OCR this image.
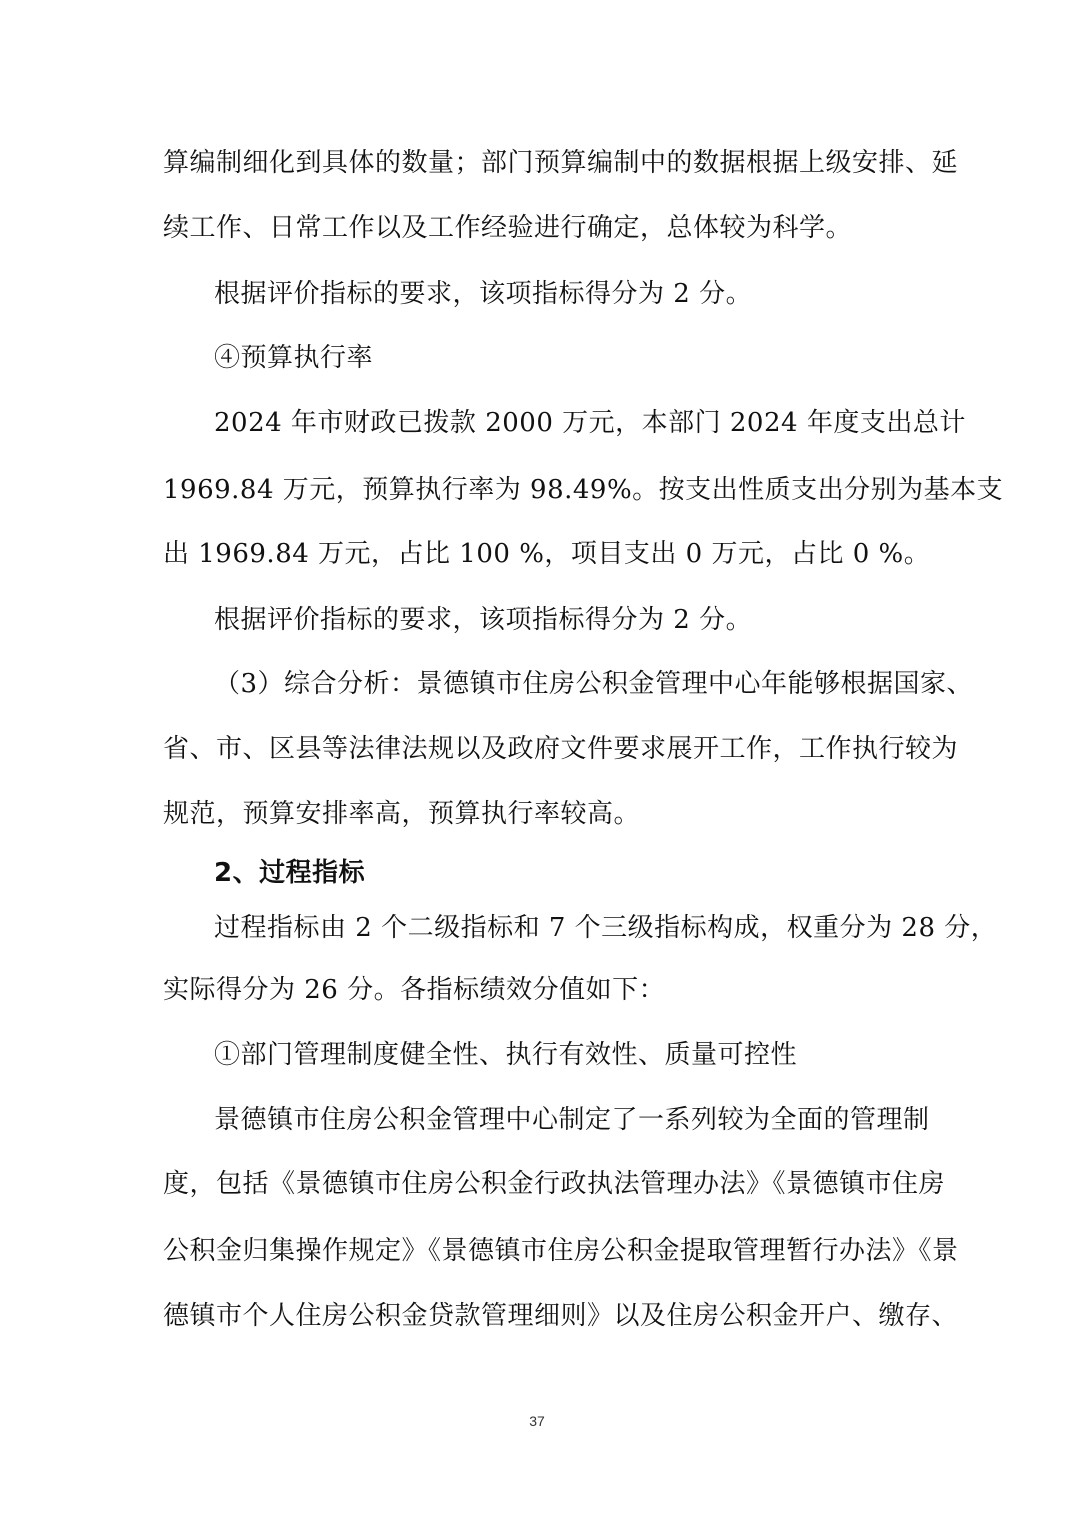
算编制细化到具体的数量；部门预算编制中的数据根据上级安排、延
续工作、日常工作以及工作经验进行确定，总体较为科学。
根据评价指标的要求，该项指标得分为 2 分。
④预算执行率
2024 年市财政已拨款 2000 万元，本部门 2024 年度支出总计
1969.84 万元，预算执行率为 98.49%。按支出性质支出分别为基本支
出 1969.84 万元，占比 100 %，项目支出 0 万元，占比 0 %。
根据评价指标的要求，该项指标得分为 2 分。
（3）综合分析：景德镇市住房公积金管理中心年能够根据国家、
省、市、区县等法律法规以及政府文件要求展开工作，工作执行较为
规范，预算安排率高，预算执行率较高。
2、过程指标
过程指标由 2 个二级指标和 7 个三级指标构成，权重分为 28 分，
实际得分为 26 分。各指标绩效分值如下：
①部门管理制度健全性、执行有效性、质量可控性
景德镇市住房公积金管理中心制定了一系列较为全面的管理制
度，包括《景德镇市住房公积金行政执法管理办法》《景德镇市住房
公积金归集操作规定》《景德镇市住房公积金提取管理暂行办法》《景
德镇市个人住房公积金贷款管理细则》以及住房公积金开户、缴存、
37
